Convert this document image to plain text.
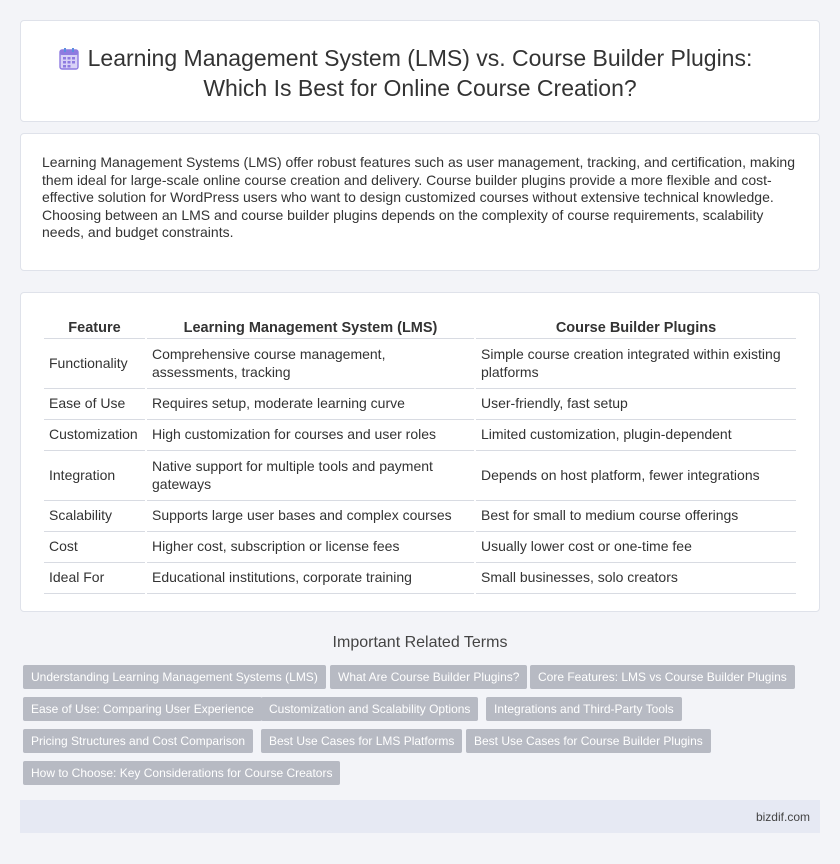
Learning Management System (LMS) vs. Course Builder Plugins:
Which Is Best for Online Course Creation?

Learning Management Systems (LMS) offer robust features such as user management, tracking, and certification, making them ideal for large-scale online course creation and delivery. Course builder plugins provide a more flexible and cost-effective solution for WordPress users who want to design customized courses without extensive technical knowledge. Choosing between an LMS and course builder plugins depends on the complexity of course requirements, scalability needs, and budget constraints.

Feature	Learning Management System (LMS)	Course Builder Plugins
Functionality	Comprehensive course management, assessments, tracking	Simple course creation integrated within existing platforms
Ease of Use	Requires setup, moderate learning curve	User-friendly, fast setup
Customization	High customization for courses and user roles	Limited customization, plugin-dependent
Integration	Native support for multiple tools and payment gateways	Depends on host platform, fewer integrations
Scalability	Supports large user bases and complex courses	Best for small to medium course offerings
Cost	Higher cost, subscription or license fees	Usually lower cost or one-time fee
Ideal For	Educational institutions, corporate training	Small businesses, solo creators
Important Related Terms
Understanding Learning Management Systems (LMS)	What Are Course Builder Plugins?	Core Features: LMS vs Course Builder Plugins
Ease of Use: Comparing User Experience	Customization and Scalability Options	Integrations and Third-Party Tools
Pricing Structures and Cost Comparison	Best Use Cases for LMS Platforms	Best Use Cases for Course Builder Plugins
How to Choose: Key Considerations for Course Creators
bizdif.com
